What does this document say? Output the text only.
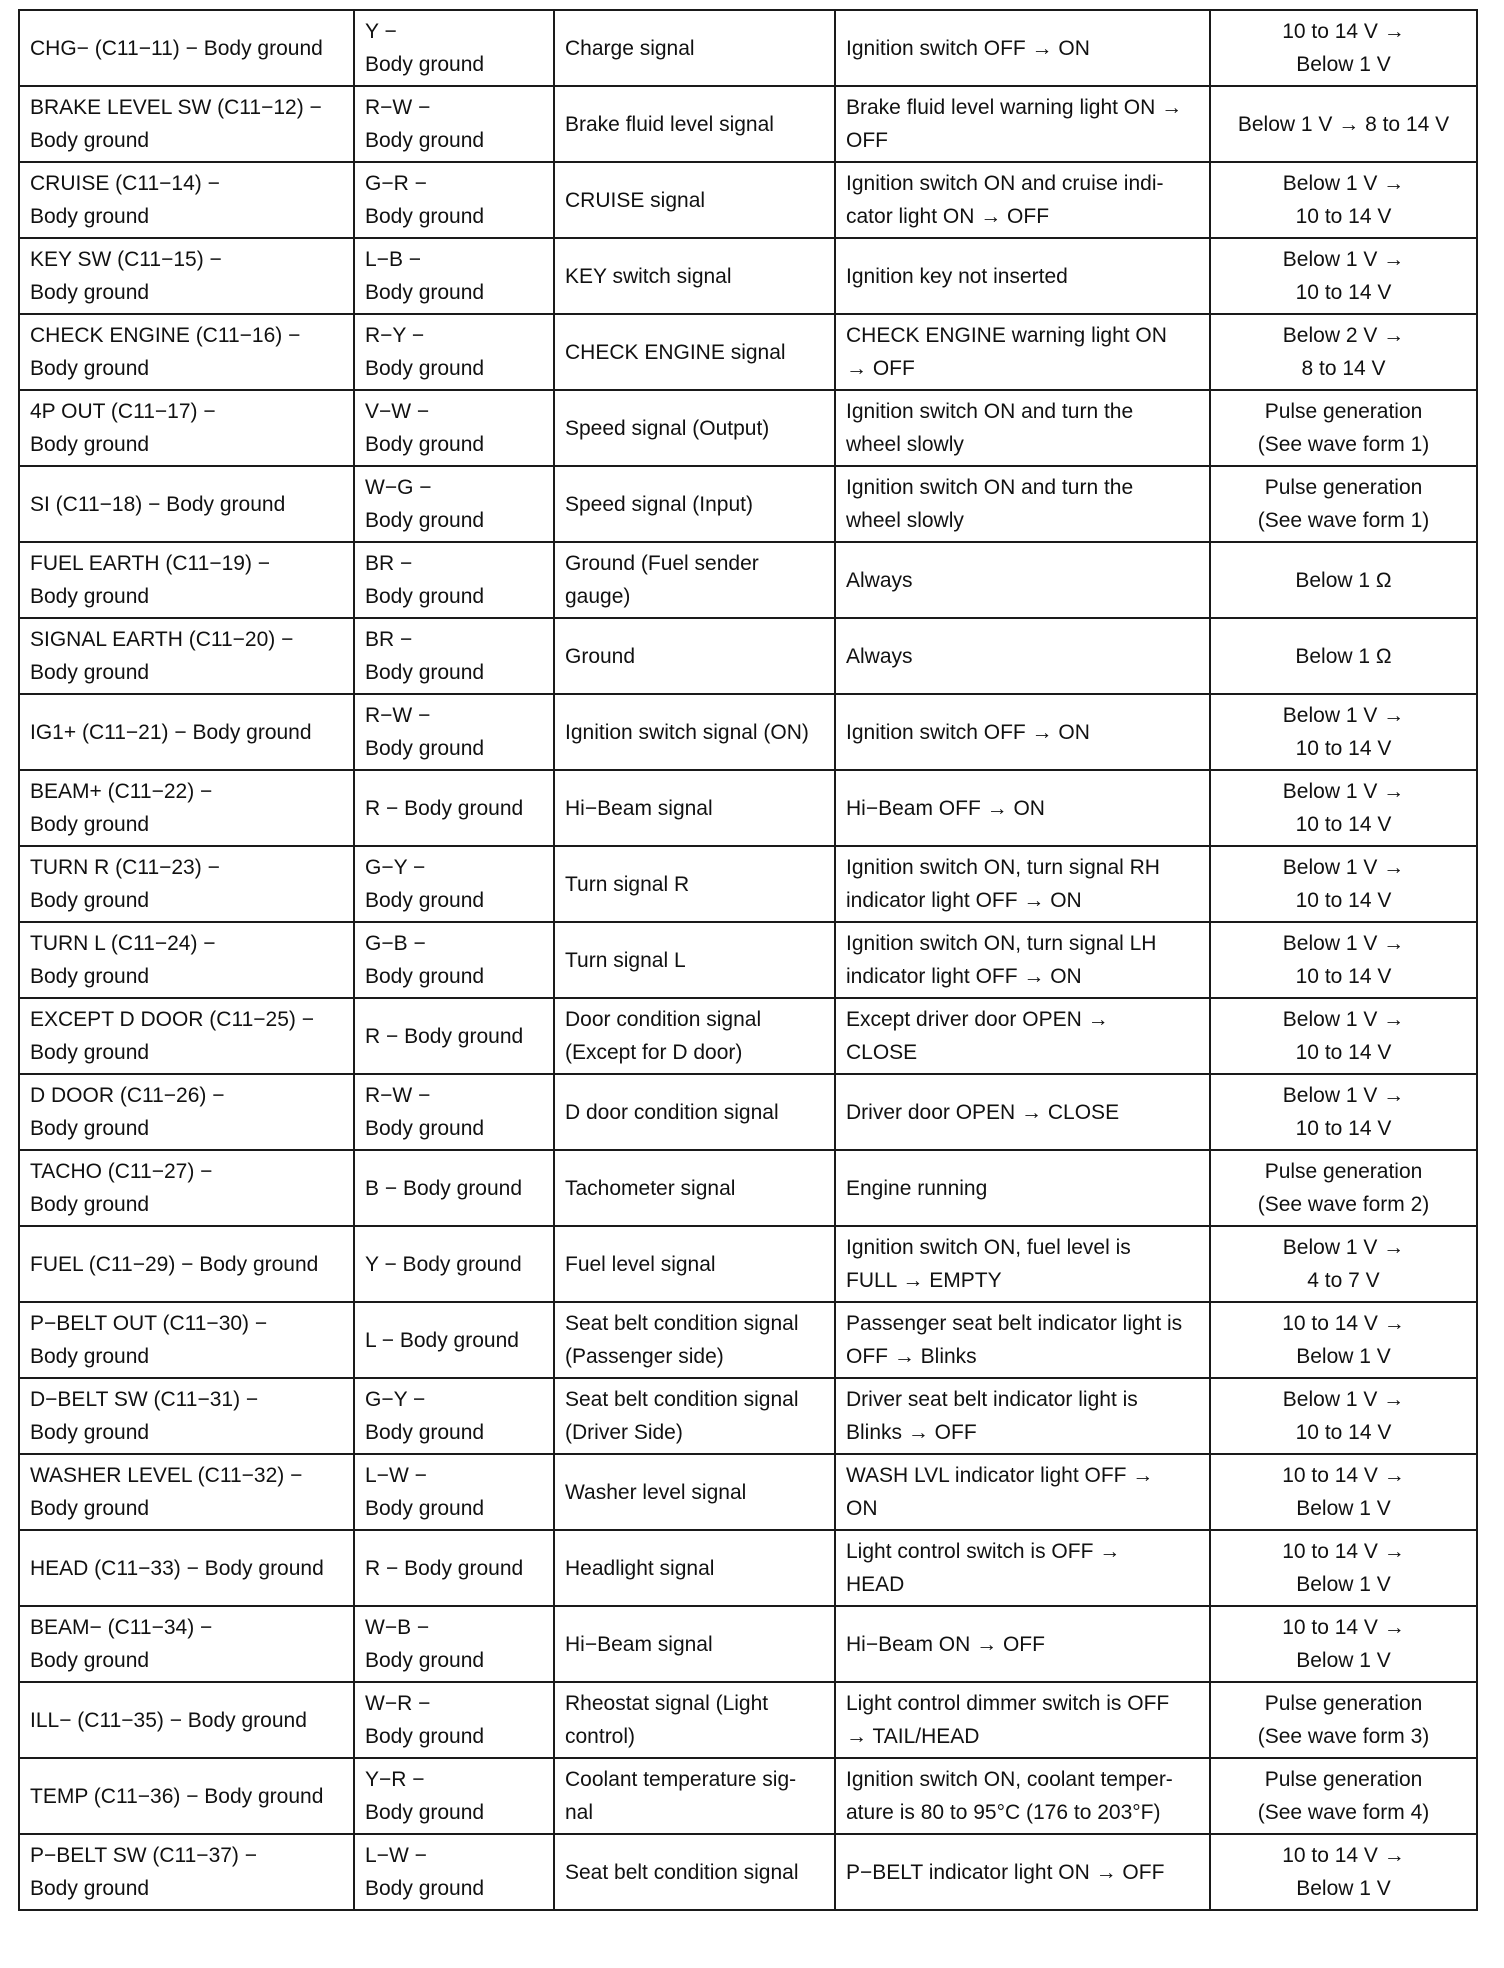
CHG− (C11−11) − Body ground	Y −
Body ground	Charge signal	Ignition switch OFF → ON	10 to 14 V →
Below 1 V
BRAKE LEVEL SW (C11−12) −
Body ground	R−W −
Body ground	Brake fluid level signal	Brake fluid level warning light ON →
OFF	Below 1 V → 8 to 14 V
CRUISE (C11−14) −
Body ground	G−R −
Body ground	CRUISE signal	Ignition switch ON and cruise indi-
cator light ON → OFF	Below 1 V →
10 to 14 V
KEY SW (C11−15) −
Body ground	L−B −
Body ground	KEY switch signal	Ignition key not inserted	Below 1 V →
10 to 14 V
CHECK ENGINE (C11−16) −
Body ground	R−Y −
Body ground	CHECK ENGINE signal	CHECK ENGINE warning light ON
→ OFF	Below 2 V →
8 to 14 V
4P OUT (C11−17) −
Body ground	V−W −
Body ground	Speed signal (Output)	Ignition switch ON and turn the
wheel slowly	Pulse generation
(See wave form 1)
SI (C11−18) − Body ground	W−G −
Body ground	Speed signal (Input)	Ignition switch ON and turn the
wheel slowly	Pulse generation
(See wave form 1)
FUEL EARTH (C11−19) −
Body ground	BR −
Body ground	Ground (Fuel sender
gauge)	Always	Below 1 Ω
SIGNAL EARTH (C11−20) −
Body ground	BR −
Body ground	Ground	Always	Below 1 Ω
IG1+ (C11−21) − Body ground	R−W −
Body ground	Ignition switch signal (ON)	Ignition switch OFF → ON	Below 1 V →
10 to 14 V
BEAM+ (C11−22) −
Body ground	R − Body ground	Hi−Beam signal	Hi−Beam OFF → ON	Below 1 V →
10 to 14 V
TURN R (C11−23) −
Body ground	G−Y −
Body ground	Turn signal R	Ignition switch ON, turn signal RH
indicator light OFF → ON	Below 1 V →
10 to 14 V
TURN L (C11−24) −
Body ground	G−B −
Body ground	Turn signal L	Ignition switch ON, turn signal LH
indicator light OFF → ON	Below 1 V →
10 to 14 V
EXCEPT D DOOR (C11−25) −
Body ground	R − Body ground	Door condition signal
(Except for D door)	Except driver door OPEN →
CLOSE	Below 1 V →
10 to 14 V
D DOOR (C11−26) −
Body ground	R−W −
Body ground	D door condition signal	Driver door OPEN → CLOSE	Below 1 V →
10 to 14 V
TACHO (C11−27) −
Body ground	B − Body ground	Tachometer signal	Engine running	Pulse generation
(See wave form 2)
FUEL (C11−29) − Body ground	Y − Body ground	Fuel level signal	Ignition switch ON, fuel level is
FULL → EMPTY	Below 1 V →
4 to 7 V
P−BELT OUT (C11−30) −
Body ground	L − Body ground	Seat belt condition signal
(Passenger side)	Passenger seat belt indicator light is
OFF → Blinks	10 to 14 V →
Below 1 V
D−BELT SW (C11−31) −
Body ground	G−Y −
Body ground	Seat belt condition signal
(Driver Side)	Driver seat belt indicator light is
Blinks → OFF	Below 1 V →
10 to 14 V
WASHER LEVEL (C11−32) −
Body ground	L−W −
Body ground	Washer level signal	WASH LVL indicator light OFF →
ON	10 to 14 V →
Below 1 V
HEAD (C11−33) − Body ground	R − Body ground	Headlight signal	Light control switch is OFF →
HEAD	10 to 14 V →
Below 1 V
BEAM− (C11−34) −
Body ground	W−B −
Body ground	Hi−Beam signal	Hi−Beam ON → OFF	10 to 14 V →
Below 1 V
ILL− (C11−35) − Body ground	W−R −
Body ground	Rheostat signal (Light
control)	Light control dimmer switch is OFF
→ TAIL/HEAD	Pulse generation
(See wave form 3)
TEMP (C11−36) − Body ground	Y−R −
Body ground	Coolant temperature sig-
nal	Ignition switch ON, coolant temper-
ature is 80 to 95°C (176 to 203°F)	Pulse generation
(See wave form 4)
P−BELT SW (C11−37) −
Body ground	L−W −
Body ground	Seat belt condition signal	P−BELT indicator light ON → OFF	10 to 14 V →
Below 1 V
